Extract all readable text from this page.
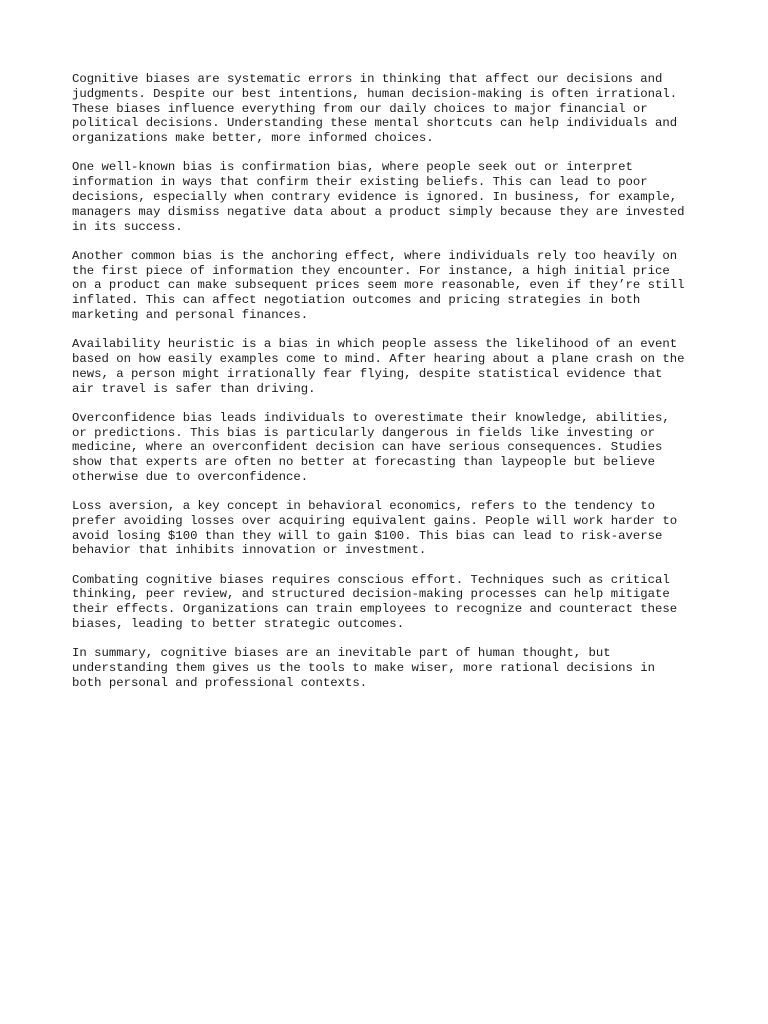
Cognitive biases are systematic errors in thinking that affect our decisions and
judgments. Despite our best intentions, human decision-making is often irrational.
These biases influence everything from our daily choices to major financial or
political decisions. Understanding these mental shortcuts can help individuals and
organizations make better, more informed choices.

One well-known bias is confirmation bias, where people seek out or interpret
information in ways that confirm their existing beliefs. This can lead to poor
decisions, especially when contrary evidence is ignored. In business, for example,
managers may dismiss negative data about a product simply because they are invested
in its success.

Another common bias is the anchoring effect, where individuals rely too heavily on
the first piece of information they encounter. For instance, a high initial price
on a product can make subsequent prices seem more reasonable, even if they’re still
inflated. This can affect negotiation outcomes and pricing strategies in both
marketing and personal finances.

Availability heuristic is a bias in which people assess the likelihood of an event
based on how easily examples come to mind. After hearing about a plane crash on the
news, a person might irrationally fear flying, despite statistical evidence that
air travel is safer than driving.

Overconfidence bias leads individuals to overestimate their knowledge, abilities,
or predictions. This bias is particularly dangerous in fields like investing or
medicine, where an overconfident decision can have serious consequences. Studies
show that experts are often no better at forecasting than laypeople but believe
otherwise due to overconfidence.

Loss aversion, a key concept in behavioral economics, refers to the tendency to
prefer avoiding losses over acquiring equivalent gains. People will work harder to
avoid losing $100 than they will to gain $100. This bias can lead to risk-averse
behavior that inhibits innovation or investment.

Combating cognitive biases requires conscious effort. Techniques such as critical
thinking, peer review, and structured decision-making processes can help mitigate
their effects. Organizations can train employees to recognize and counteract these
biases, leading to better strategic outcomes.

In summary, cognitive biases are an inevitable part of human thought, but
understanding them gives us the tools to make wiser, more rational decisions in
both personal and professional contexts.
